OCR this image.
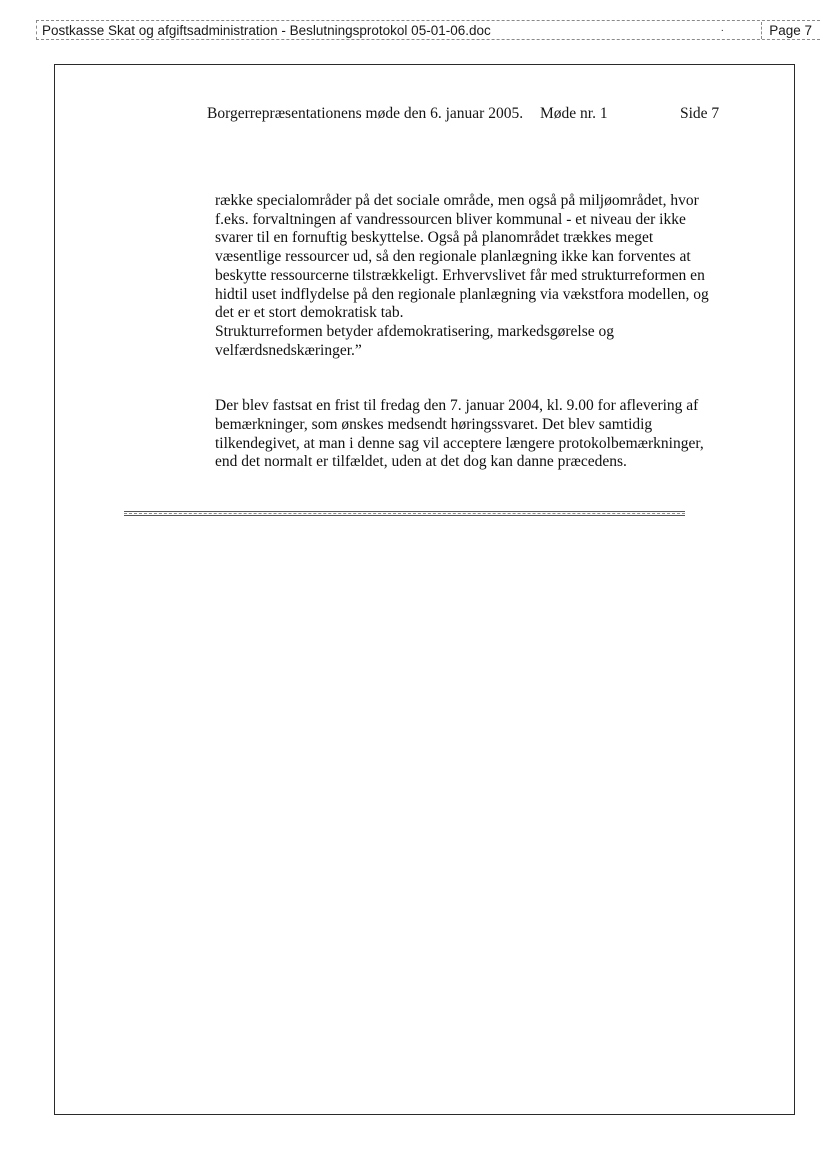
Postkasse Skat og afgiftsadministration - Beslutningsprotokol 05-01-06.doc	·	Page 7
Borgerrepræsentationens møde den 6. januar 2005. Møde nr. 1	Side 7

række specialområder på det sociale område, men også på miljøområdet, hvor
f.eks. forvaltningen af vandressourcen bliver kommunal - et niveau der ikke
svarer til en fornuftig beskyttelse. Også på planområdet trækkes meget
væsentlige ressourcer ud, så den regionale planlægning ikke kan forventes at
beskytte ressourcerne tilstrækkeligt. Erhvervslivet får med strukturreformen en
hidtil uset indflydelse på den regionale planlægning via vækstfora modellen, og
det er et stort demokratisk tab.
Strukturreformen betyder afdemokratisering, markedsgørelse og
velfærdsnedskæringer.”

Der blev fastsat en frist til fredag den 7. januar 2004, kl. 9.00 for aflevering af
bemærkninger, som ønskes medsendt høringssvaret. Det blev samtidig
tilkendegivet, at man i denne sag vil acceptere længere protokolbemærkninger,
end det normalt er tilfældet, uden at det dog kan danne præcedens.
